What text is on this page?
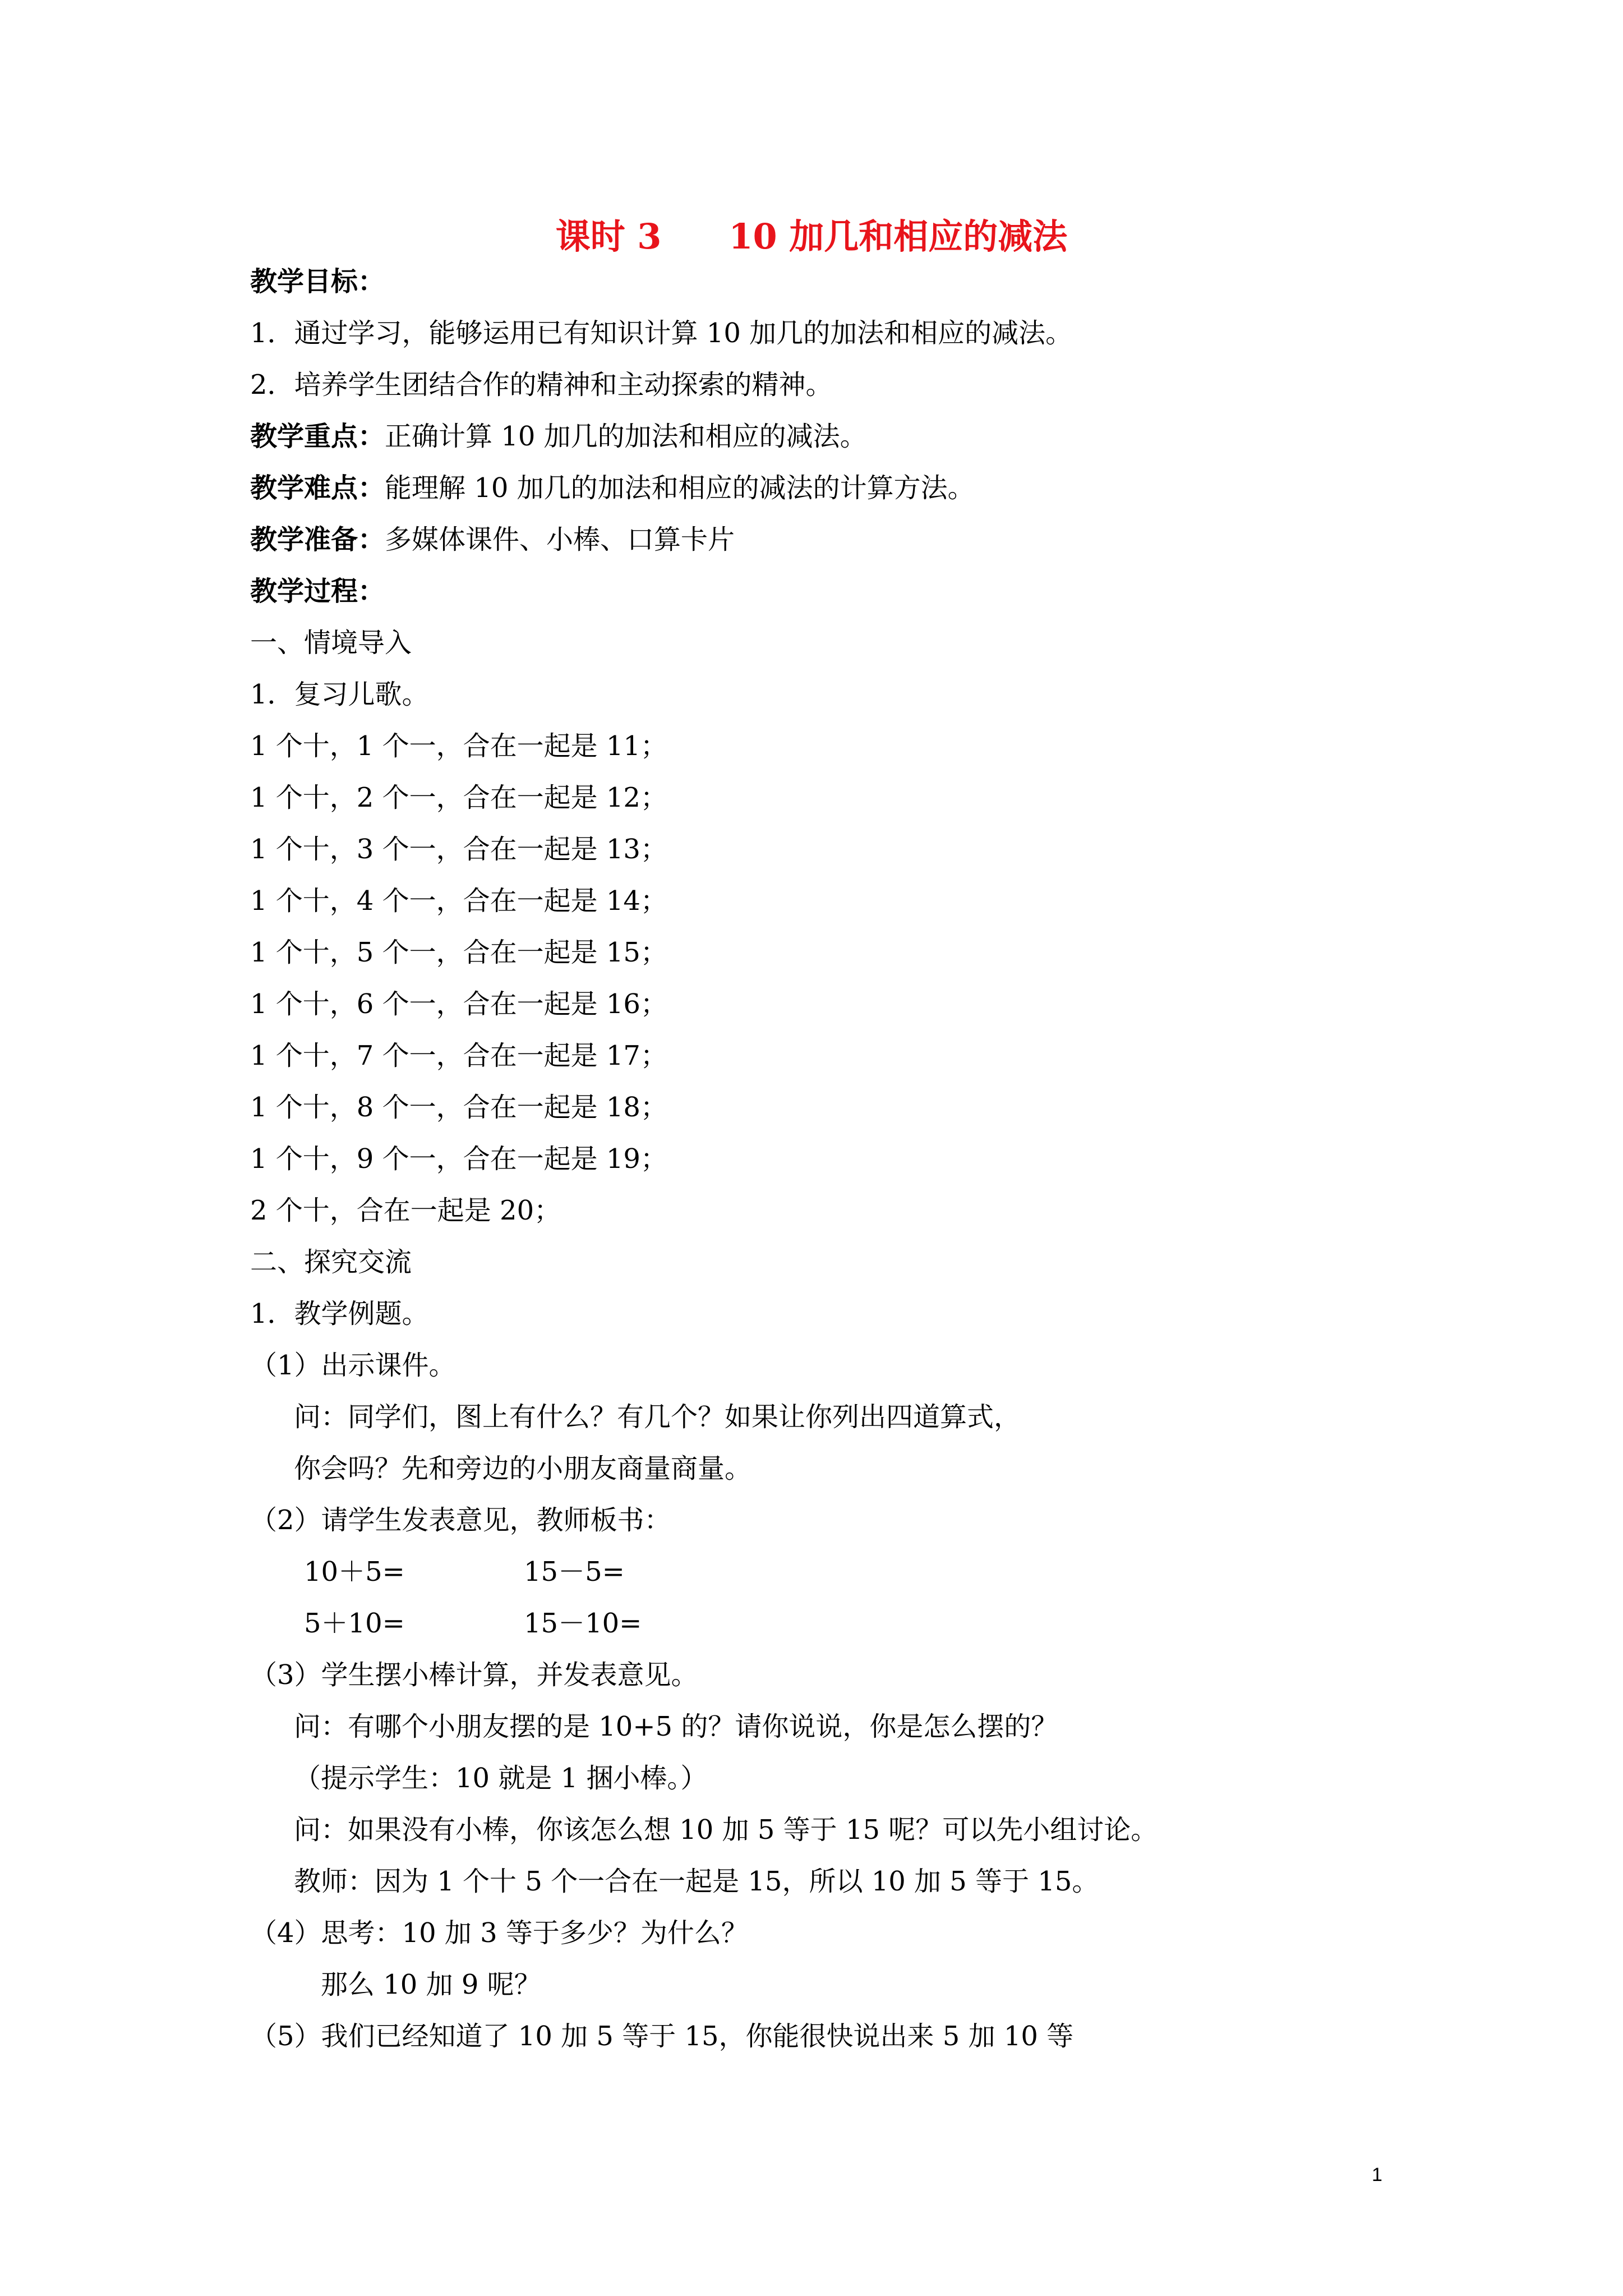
课时 3 10 加几和相应的减法
教学目标：
1．通过学习，能够运用已有知识计算 10 加几的加法和相应的减法。
2．培养学生团结合作的精神和主动探索的精神。
教学重点：正确计算 10 加几的加法和相应的减法。
教学难点：能理解 10 加几的加法和相应的减法的计算方法。
教学准备：多媒体课件、小棒、口算卡片
教学过程：
一、情境导入
1．复习儿歌。
1 个十，1 个一，合在一起是 11；
1 个十，2 个一，合在一起是 12；
1 个十，3 个一，合在一起是 13；
1 个十，4 个一，合在一起是 14；
1 个十，5 个一，合在一起是 15；
1 个十，6 个一，合在一起是 16；
1 个十，7 个一，合在一起是 17；
1 个十，8 个一，合在一起是 18；
1 个十，9 个一，合在一起是 19；
2 个十，合在一起是 20；
二、探究交流
1．教学例题。
（1）出示课件。
问：同学们，图上有什么？有几个？如果让你列出四道算式，
你会吗？先和旁边的小朋友商量商量。
（2）请学生发表意见，教师板书：
10＋5=	15－5=
5＋10=	15－10=
（3）学生摆小棒计算，并发表意见。
问：有哪个小朋友摆的是 10+5 的？请你说说，你是怎么摆的？
（提示学生：10 就是 1 捆小棒。）
问：如果没有小棒，你该怎么想 10 加 5 等于 15 呢？可以先小组讨论。
教师：因为 1 个十 5 个一合在一起是 15，所以 10 加 5 等于 15。
（4）思考：10 加 3 等于多少？为什么？
那么 10 加 9 呢？
（5）我们已经知道了 10 加 5 等于 15，你能很快说出来 5 加 10 等
1
